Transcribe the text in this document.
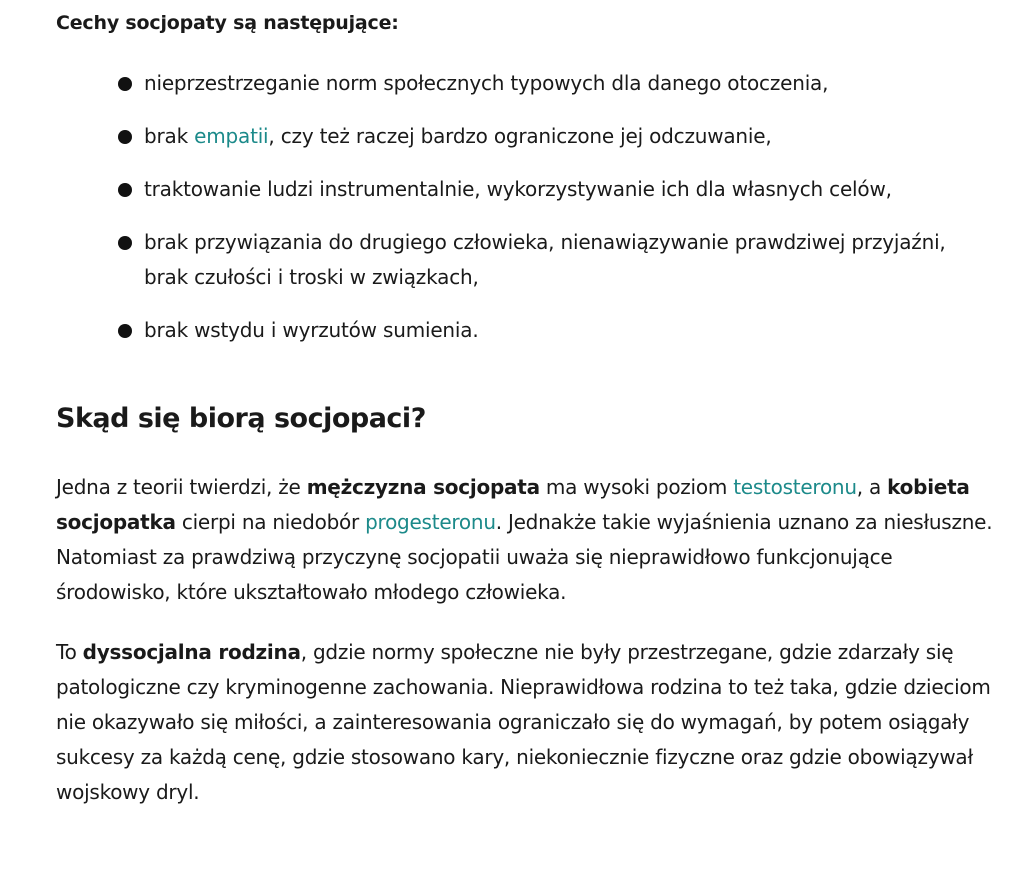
Cechy socjopaty są następujące:

nieprzestrzeganie norm społecznych typowych dla danego otoczenia,
brak empatii, czy też raczej bardzo ograniczone jej odczuwanie,
traktowanie ludzi instrumentalnie, wykorzystywanie ich dla własnych celów,
brak przywiązania do drugiego człowieka, nienawiązywanie prawdziwej przyjaźni, brak czułości i troski w związkach,
brak wstydu i wyrzutów sumienia.
Skąd się biorą socjopaci?

Jedna z teorii twierdzi, że mężczyzna socjopata ma wysoki poziom testosteronu, a kobieta socjopatka cierpi na niedobór progesteronu. Jednakże takie wyjaśnienia uznano za niesłuszne. Natomiast za prawdziwą przyczynę socjopatii uważa się nieprawidłowo funkcjonujące środowisko, które ukształtowało młodego człowieka.

To dyssocjalna rodzina, gdzie normy społeczne nie były przestrzegane, gdzie zdarzały się patologiczne czy kryminogenne zachowania. Nieprawidłowa rodzina to też taka, gdzie dzieciom nie okazywało się miłości, a zainteresowania ograniczało się do wymagań, by potem osiągały sukcesy za każdą cenę, gdzie stosowano kary, niekoniecznie fizyczne oraz gdzie obowiązywał wojskowy dryl.
